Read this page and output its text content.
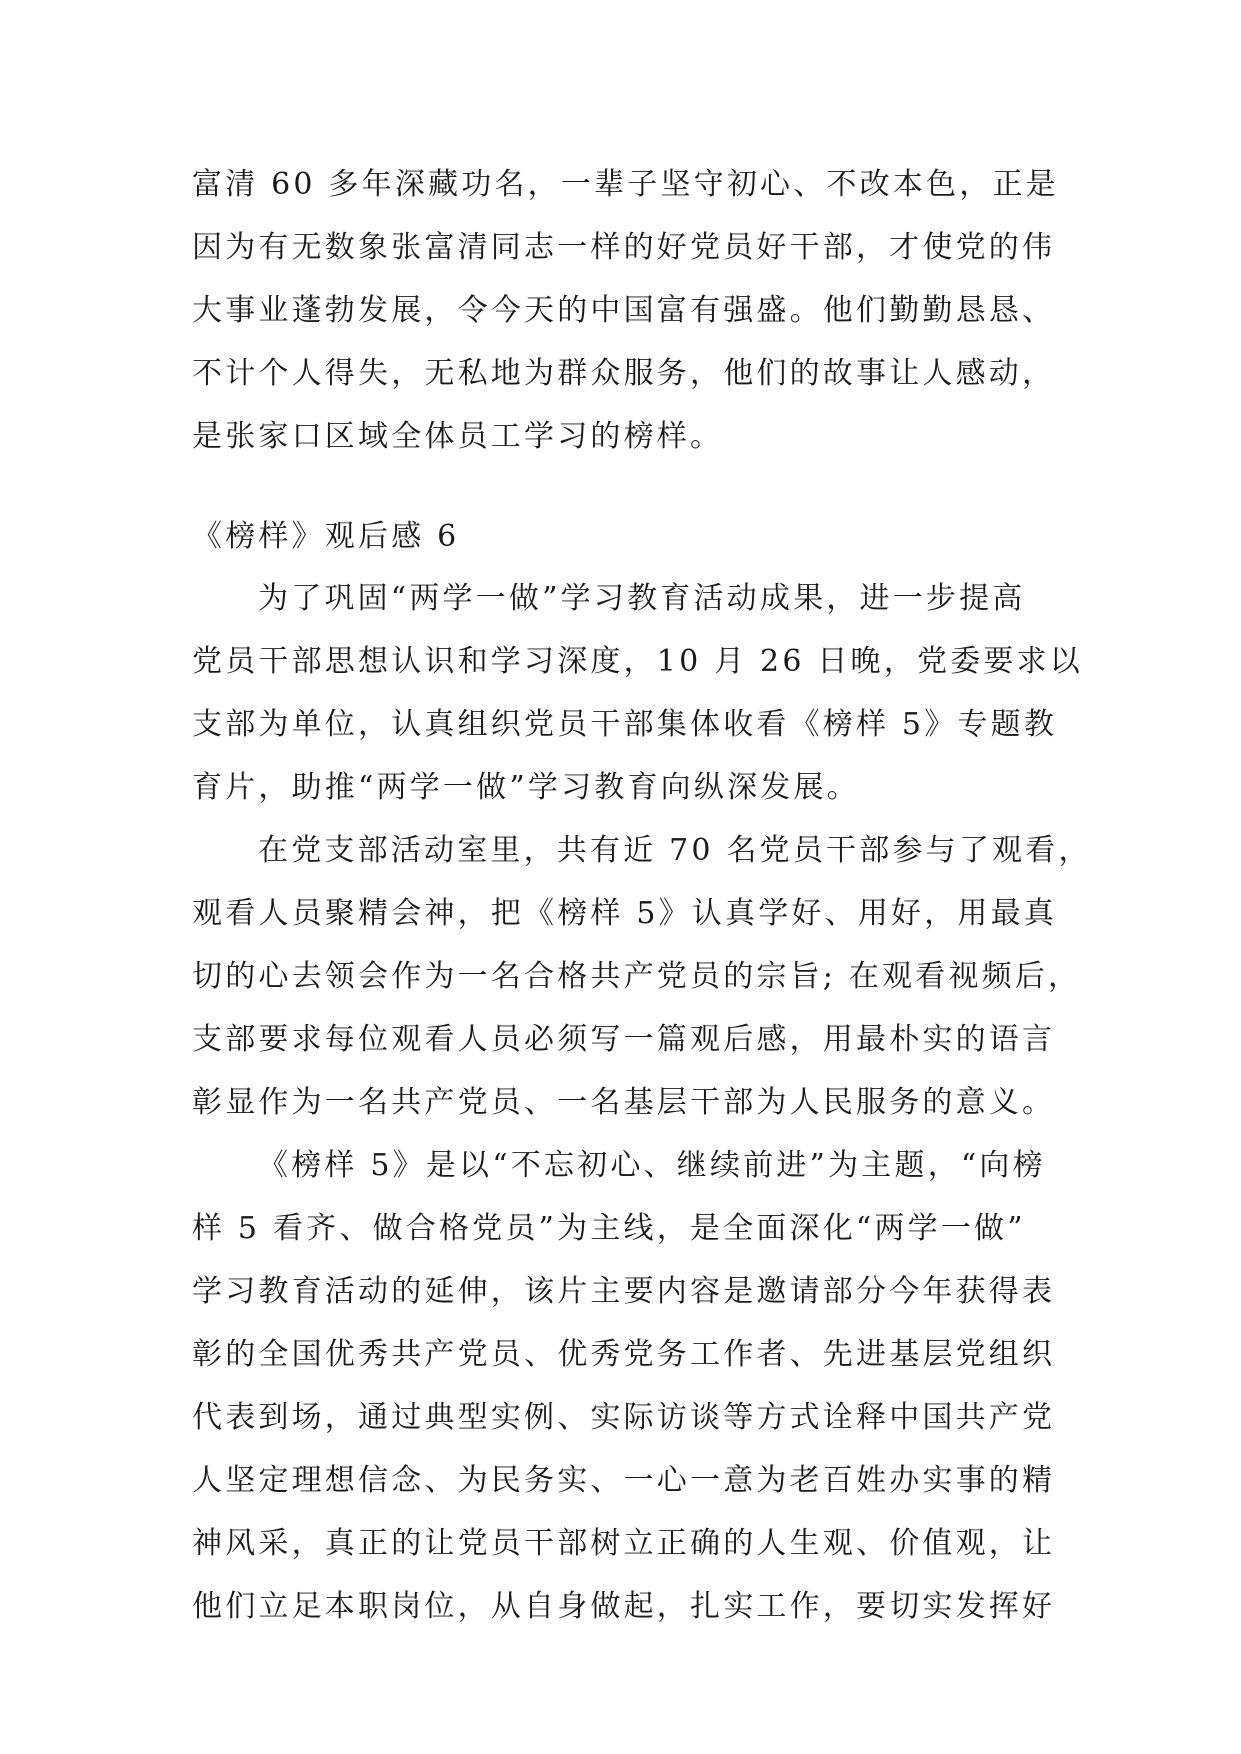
富清 60 多年深藏功名，一辈子坚守初心、不改本色，正是
因为有无数象张富清同志一样的好党员好干部，才使党的伟
大事业蓬勃发展，令今天的中国富有强盛。他们勤勤恳恳、
不计个人得失，无私地为群众服务，他们的故事让人感动，
是张家口区域全体员工学习的榜样。
《榜样》观后感 6
为了巩固“两学一做”学习教育活动成果，进一步提高
党员干部思想认识和学习深度，10 月 26 日晚，党委要求以
支部为单位，认真组织党员干部集体收看《榜样 5》专题教
育片，助推“两学一做”学习教育向纵深发展。
在党支部活动室里，共有近 70 名党员干部参与了观看，
观看人员聚精会神，把《榜样 5》认真学好、用好，用最真
切的心去领会作为一名合格共产党员的宗旨; 在观看视频后，
支部要求每位观看人员必须写一篇观后感，用最朴实的语言
彰显作为一名共产党员、一名基层干部为人民服务的意义。
《榜样 5》是以“不忘初心、继续前进”为主题，“向榜
样 5 看齐、做合格党员”为主线，是全面深化“两学一做”
学习教育活动的延伸，该片主要内容是邀请部分今年获得表
彰的全国优秀共产党员、优秀党务工作者、先进基层党组织
代表到场，通过典型实例、实际访谈等方式诠释中国共产党
人坚定理想信念、为民务实、一心一意为老百姓办实事的精
神风采，真正的让党员干部树立正确的人生观、价值观，让
他们立足本职岗位，从自身做起，扎实工作，要切实发挥好
